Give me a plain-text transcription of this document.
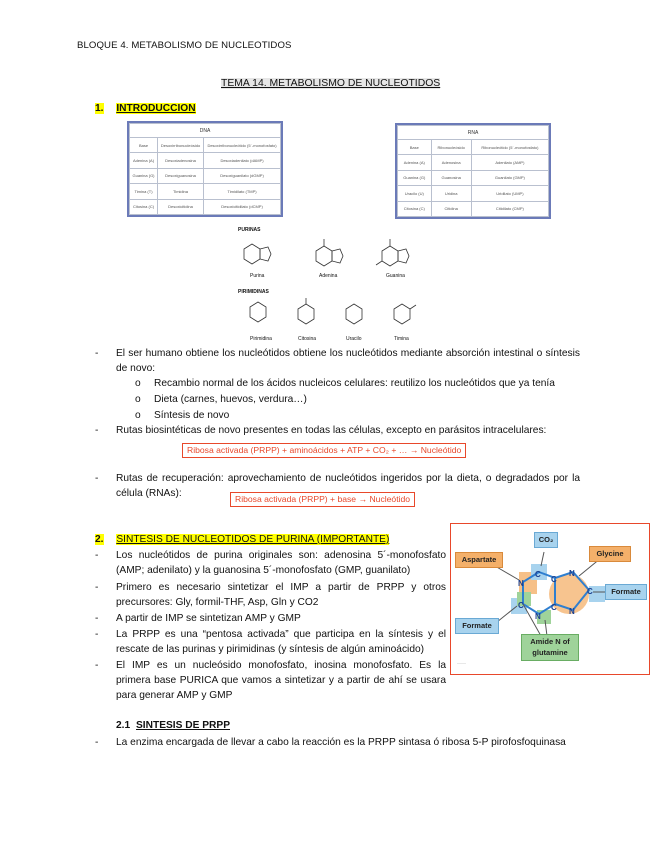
BLOQUE 4. METABOLISMO DE NUCLEOTIDOS
TEMA 14. METABOLISMO DE NUCLEOTIDOS
1. INTRODUCCION
DNA		
Base	Desoxirribonucleósido	Desoxirribonucleótido (5´-monofosfato)
Adenina (A)	Desoxiadenosina	Desoxiadenilato (dAMP)
Guanina (G)	Desoxiguanosina	Desoxiguanilato (dGMP)
Timina (T)	Timidina	Timidilato (TMP)
Citosina (C)	Desoxicitidina	Desoxicitidilato (dCMP)
RNA		
Base	Ribonucleósido	Ribonucleótido (5´-monofosfato)
Adenina (A)	Adenosina	Adenilato (AMP)
Guanina (G)	Guanosina	Guanilato (GMP)
Uracilo (U)	Uridina	Uridilato (UMP)
Citosina (C)	Citidina	Citidilato (CMP)
PURINAS
Purina	Adenina	Guanina
PIRIMIDINAS
Pirimidina	Citosina	Uracilo	Timina
- El ser humano obtiene los nucleótidos obtiene los nucleótidos mediante absorción intestinal o síntesis de novo:
o Recambio normal de los ácidos nucleicos celulares: reutilizo los nucleótidos que ya tenía
o Dieta (carnes, huevos, verdura…)
o Síntesis de novo
- Rutas biosintéticas de novo presentes en todas las células, excepto en parásitos intracelulares:
Ribosa activada (PRPP) + aminoácidos + ATP + CO₂ + … → Nucleótido
- Rutas de recuperación: aprovechamiento de nucleótidos ingeridos por la dieta, o degradados por la célula (RNAs):	Ribosa activada (PRPP) + base → Nucleótido
2. SINTESIS DE NUCLEOTIDOS DE PURINA (IMPORTANTE)
- Los nucleótidos de purina originales son: adenosina 5´-monofosfato (AMP; adenilato) y la guanosina 5´-monofosfato (GMP, guanilato)
- Primero es necesario sintetizar el IMP a partir de PRPP y otros precursores: Gly, formil-THF, Asp, Gln y CO2
- A partir de IMP se sintetizan AMP y GMP
- La PRPP es una “pentosa activada” que participa en la síntesis y el rescate de las purinas y pirimidinas (y síntesis de algún aminoácido)
- El IMP es un nucleósido monofosfato, inosina monofosfato. Es la primera base PURICA que vamos a sintetizar y a partir de ahí se usara para generar AMP y GMP
C
N
C
N
C
C
N
C
N
———
CO₂
Aspartate
Glycine
Formate
Formate
Amide N of glutamine
2.1 SINTESIS DE PRPP
- La enzima encargada de llevar a cabo la reacción es la PRPP sintasa ó ribosa 5-P pirofosfoquinasa
